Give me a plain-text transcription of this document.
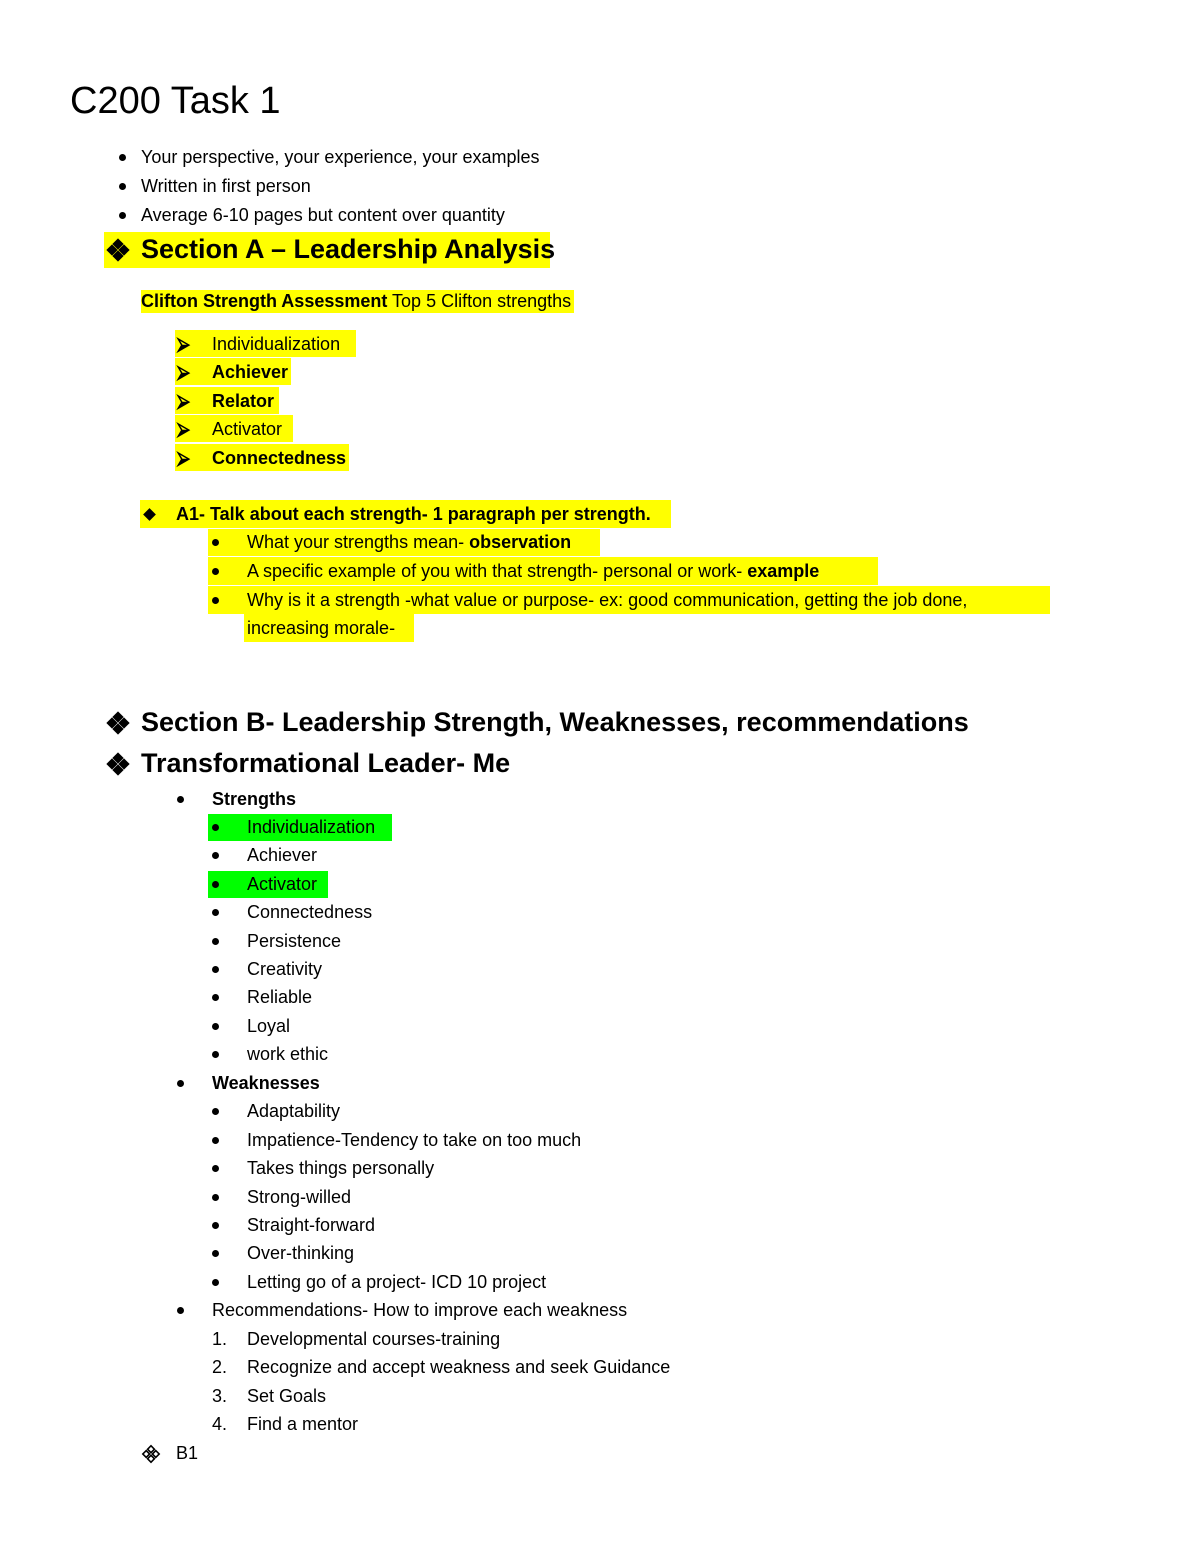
C200 Task 1
Your perspective, your experience, your examples
Written in first person
Average 6-10 pages but content over quantity
Section A – Leadership Analysis
Clifton Strength Assessment Top 5 Clifton strengths
⮚ Individualization
⮚ Achiever
⮚ Relator
⮚ Activator
⮚ Connectedness
A1- Talk about each strength- 1 paragraph per strength.
What your strengths mean- observation
A specific example of you with that strength- personal or work- example
Why is it a strength -what value or purpose- ex: good communication, getting the job done,
increasing morale-
Section B- Leadership Strength, Weaknesses, recommendations
Transformational Leader- Me
Strengths
Individualization
Achiever
Activator
Connectedness
Persistence
Creativity
Reliable
Loyal
work ethic
Weaknesses
Adaptability
Impatience-Tendency to take on too much
Takes things personally
Strong-willed
Straight-forward
Over-thinking
Letting go of a project- ICD 10 project
Recommendations- How to improve each weakness
1. Developmental courses-training
2. Recognize and accept weakness and seek Guidance
3. Set Goals
4. Find a mentor
B1
